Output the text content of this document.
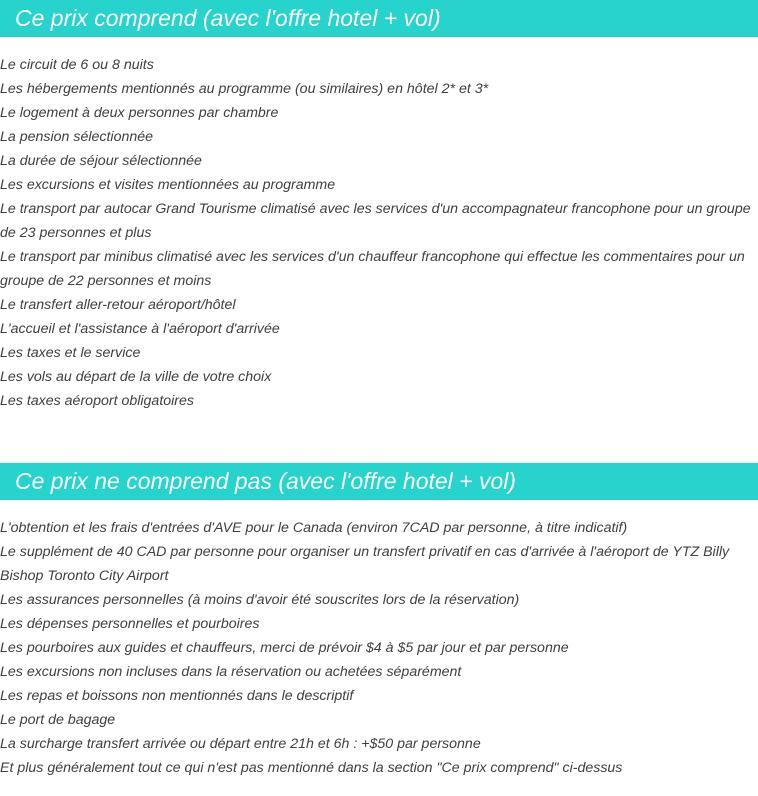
Ce prix comprend (avec l'offre hotel + vol)
Le circuit de 6 ou 8 nuits
Les hébergements mentionnés au programme (ou similaires) en hôtel 2* et 3*
Le logement à deux personnes par chambre
La pension sélectionnée
La durée de séjour sélectionnée
Les excursions et visites mentionnées au programme
Le transport par autocar Grand Tourisme climatisé avec les services d'un accompagnateur francophone pour un groupe de 23 personnes et plus
Le transport par minibus climatisé avec les services d'un chauffeur francophone qui effectue les commentaires pour un groupe de 22 personnes et moins
Le transfert aller-retour aéroport/hôtel
L'accueil et l'assistance à l'aéroport d'arrivée
Les taxes et le service
Les vols au départ de la ville de votre choix
Les taxes aéroport obligatoires
Ce prix ne comprend pas (avec l'offre hotel + vol)
L'obtention et les frais d'entrées d'AVE pour le Canada (environ 7CAD par personne, à titre indicatif)
Le supplément de 40 CAD par personne pour organiser un transfert privatif en cas d'arrivée à l'aéroport de YTZ Billy Bishop Toronto City Airport
Les assurances personnelles (à moins d'avoir été souscrites lors de la réservation)
Les dépenses personnelles et pourboires
Les pourboires aux guides et chauffeurs, merci de prévoir $4 à $5 par jour et par personne
Les excursions non incluses dans la réservation ou achetées séparément
Les repas et boissons non mentionnés dans le descriptif
Le port de bagage
La surcharge transfert arrivée ou départ entre 21h et 6h : +$50 par personne
Et plus généralement tout ce qui n'est pas mentionné dans la section "Ce prix comprend" ci-dessus
